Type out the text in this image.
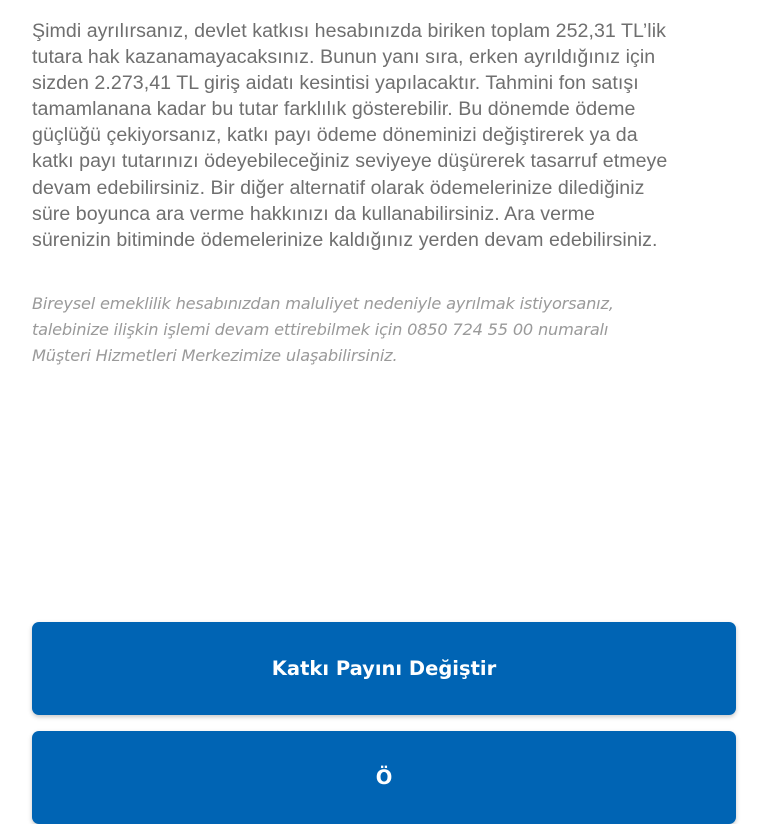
Şimdi ayrılırsanız, devlet katkısı hesabınızda biriken toplam 252,31 TL’lik
tutara hak kazanamayacaksınız. Bunun yanı sıra, erken ayrıldığınız için
sizden 2.273,41 TL giriş aidatı kesintisi yapılacaktır. Tahmini fon satışı
tamamlanana kadar bu tutar farklılık gösterebilir. Bu dönemde ödeme
güçlüğü çekiyorsanız, katkı payı ödeme döneminizi değiştirerek ya da
katkı payı tutarınızı ödeyebileceğiniz seviyeye düşürerek tasarruf etmeye
devam edebilirsiniz. Bir diğer alternatif olarak ödemelerinize dilediğiniz
süre boyunca ara verme hakkınızı da kullanabilirsiniz. Ara verme
sürenizin bitiminde ödemelerinize kaldığınız yerden devam edebilirsiniz.
Bireysel emeklilik hesabınızdan maluliyet nedeniyle ayrılmak istiyorsanız,
talebinize ilişkin işlemi devam ettirebilmek için 0850 724 55 00 numaralı
Müşteri Hizmetleri Merkezimize ulaşabilirsiniz.
Katkı Payını Değiştir
Ö
